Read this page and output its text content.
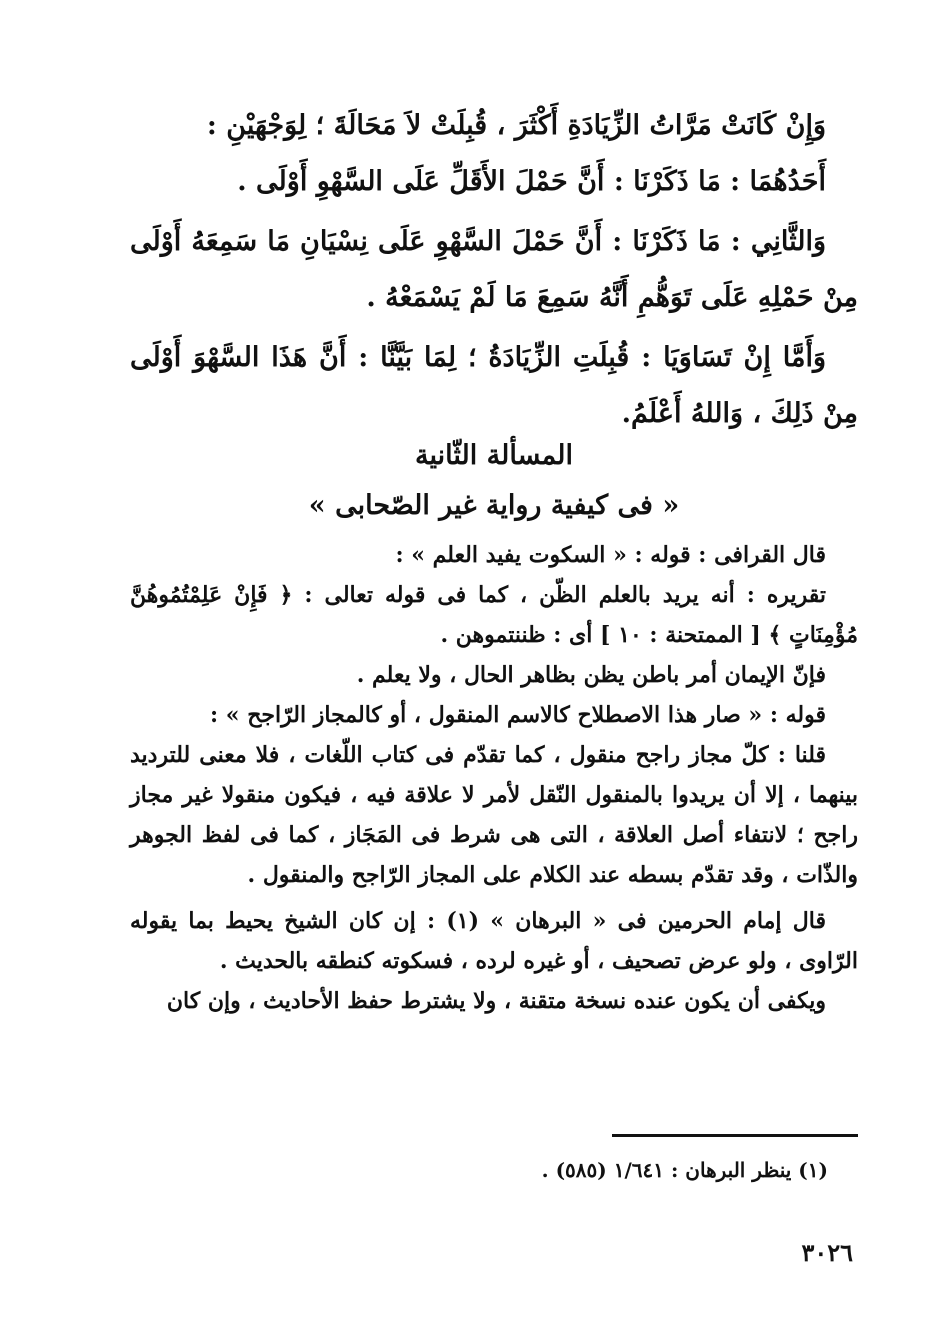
وَإِنْ كَانَتْ مَرَّاتُ الزِّيَادَةِ أَكْثَرَ ، قُبِلَتْ لاَ مَحَالَةَ ؛ لِوَجْهَيْنِ :

أَحَدُهُمَا : مَا ذَكَرْنَا : أَنَّ حَمْلَ الأَقَلِّ عَلَى السَّهْوِ أَوْلَى .

وَالثَّانِي : مَا ذَكَرْنَا : أَنَّ حَمْلَ السَّهْوِ عَلَى نِسْيَانِ مَا سَمِعَهُ أَوْلَى مِنْ حَمْلِهِ عَلَى تَوَهُّمِ أَنَّهُ سَمِعَ مَا لَمْ يَسْمَعْهُ .

وَأَمَّا إِنْ تَسَاوَيَا : قُبِلَتِ الزِّيَادَةُ ؛ لِمَا بَيَّنَّا : أَنَّ هَذَا السَّهْوَ أَوْلَى مِنْ ذَلِكَ ، وَاللهُ أَعْلَمُ.

المسألة الثّانية
« فى كيفية رواية غير الصّحابى »

قال القرافى : قوله : « السكوت يفيد العلم » :

تقريره : أنه يريد بالعلم الظّن ، كما فى قوله تعالى : ﴿ فَإِنْ عَلِمْتُمُوهُنَّ مُؤْمِنَاتٍ ﴾ [ الممتحنة : ١٠ ] أى : ظننتموهن .

فإنّ الإيمان أمر باطن يظن بظاهر الحال ، ولا يعلم .

قوله : « صار هذا الاصطلاح كالاسم المنقول ، أو كالمجاز الرّاجح » :

قلنا : كلّ مجاز راجح منقول ، كما تقدّم فى كتاب اللّغات ، فلا معنى للترديد بينهما ، إلا أن يريدوا بالمنقول النّقل لأمر لا علاقة فيه ، فيكون منقولا غير مجاز راجح ؛ لانتفاء أصل العلاقة ، التى هى شرط فى المَجَاز ، كما فى لفظ الجوهر والذّات ، وقد تقدّم بسطه عند الكلام على المجاز الرّاجح والمنقول .

قال إمام الحرمين فى « البرهان » (١) : إن كان الشيخ يحيط بما يقوله الرّاوى ، ولو عرض تصحيف ، أو غيره لرده ، فسكوته كنطقه بالحديث .

ويكفى أن يكون عنده نسخة متقنة ، ولا يشترط حفظ الأحاديث ، وإن كان

(١) ينظر البرهان : ١/٦٤١ (٥٨٥) .
٣٠٢٦
